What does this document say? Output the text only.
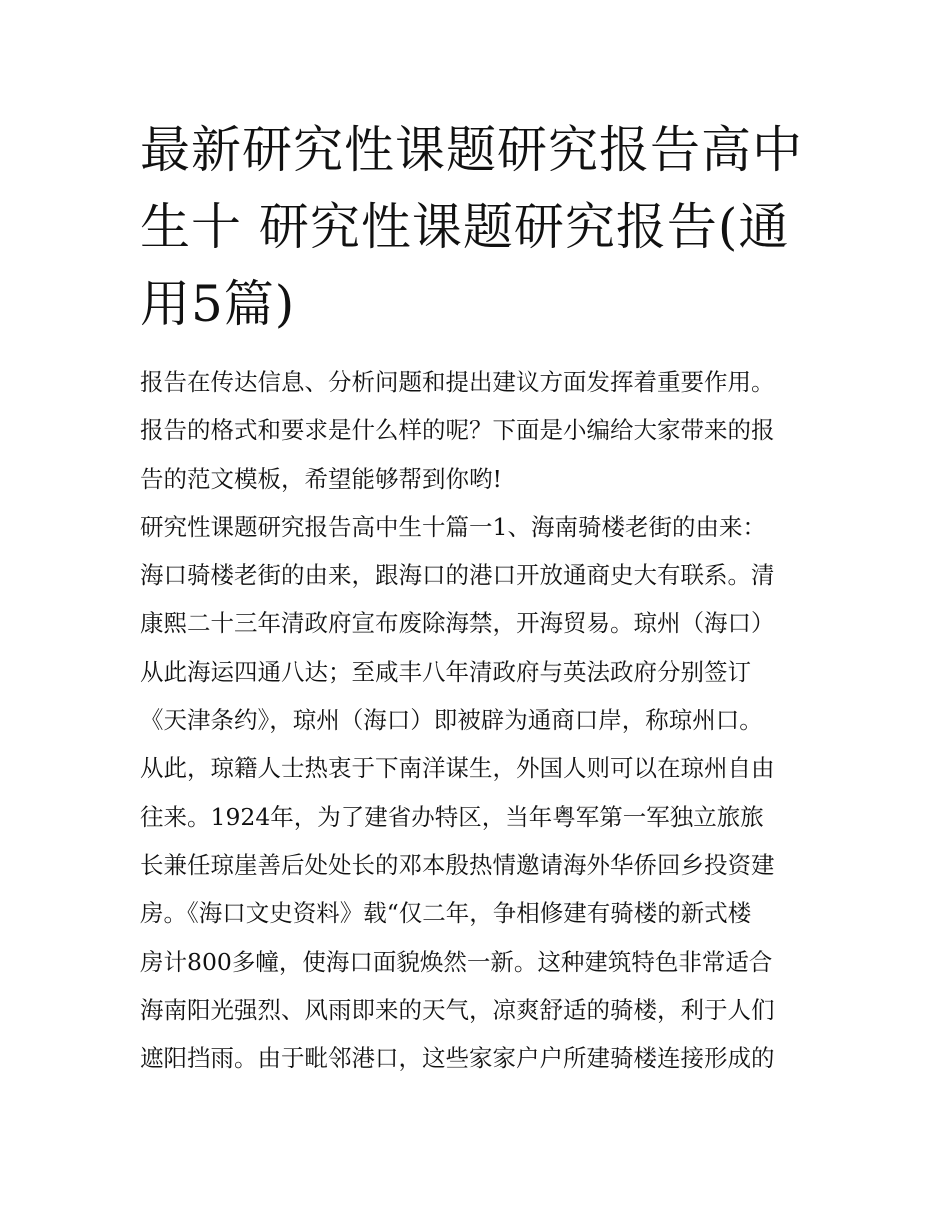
最新研究性课题研究报告高中
生十 研究性课题研究报告(通
用5篇)
报告在传达信息、分析问题和提出建议方面发挥着重要作用。
报告的格式和要求是什么样的呢？下面是小编给大家带来的报
告的范文模板，希望能够帮到你哟!
研究性课题研究报告高中生十篇一1、海南骑楼老街的由来：
海口骑楼老街的由来，跟海口的港口开放通商史大有联系。清
康熙二十三年清政府宣布废除海禁，开海贸易。琼州（海口）
从此海运四通八达；至咸丰八年清政府与英法政府分别签订
《天津条约》，琼州（海口）即被辟为通商口岸，称琼州口。
从此，琼籍人士热衷于下南洋谋生，外国人则可以在琼州自由
往来。1924年，为了建省办特区，当年粤军第一军独立旅旅
长兼任琼崖善后处处长的邓本殷热情邀请海外华侨回乡投资建
房。《海口文史资料》载“仅二年，争相修建有骑楼的新式楼
房计800多幢，使海口面貌焕然一新。这种建筑特色非常适合
海南阳光强烈、风雨即来的天气，凉爽舒适的骑楼，利于人们
遮阳挡雨。由于毗邻港口，这些家家户户所建骑楼连接形成的
